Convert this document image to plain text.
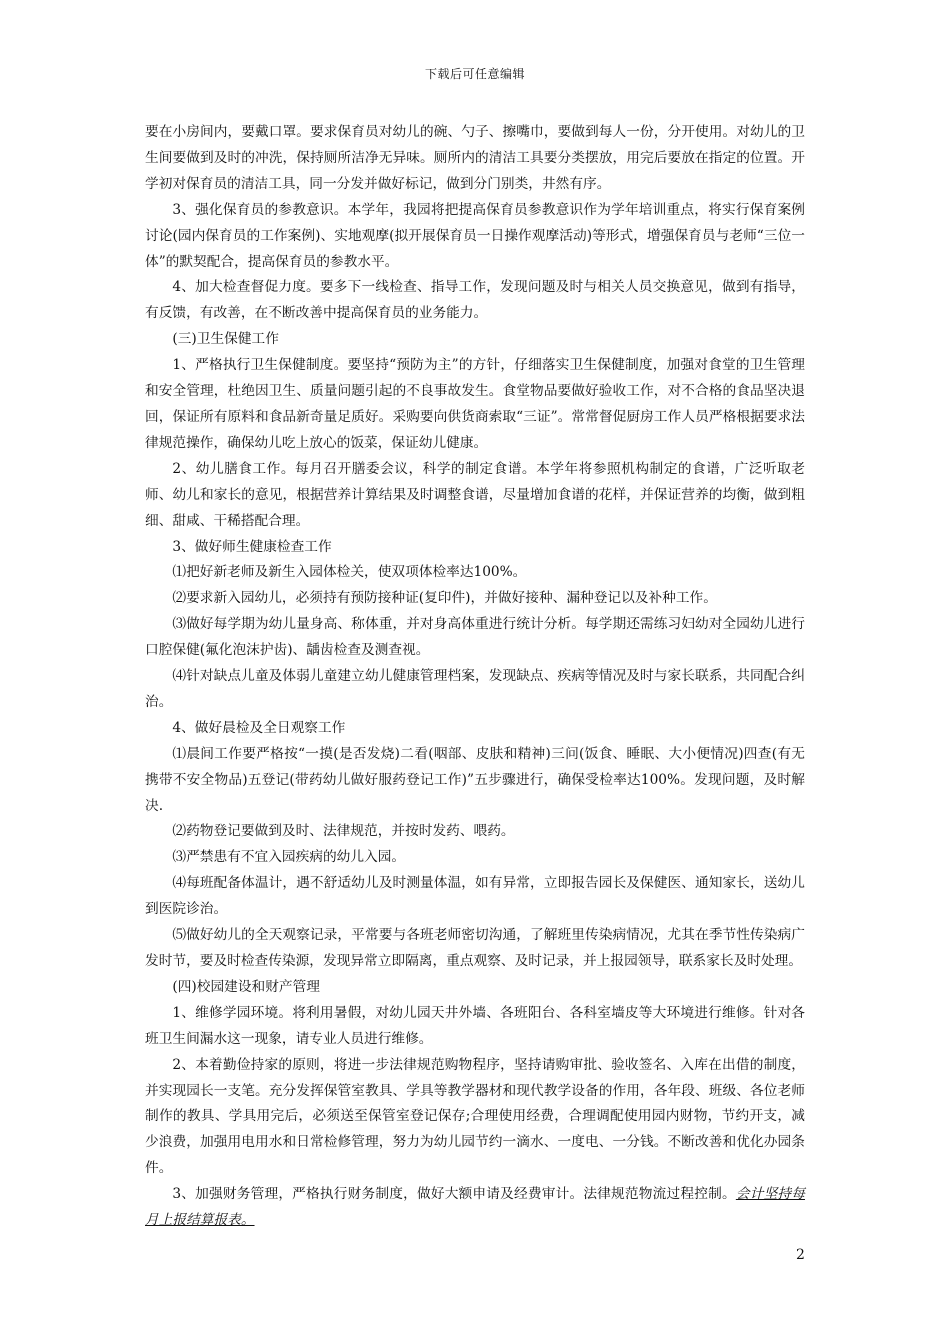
下载后可任意编辑

要在小房间内，要戴口罩。要求保育员对幼儿的碗、勺子、擦嘴巾，要做到每人一份，分开使用。对幼儿的卫生间要做到及时的冲洗，保持厕所洁净无异味。厕所内的清洁工具要分类摆放，用完后要放在指定的位置。开学初对保育员的清洁工具，同一分发并做好标记，做到分门别类，井然有序。

3、强化保育员的参教意识。本学年，我园将把提高保育员参教意识作为学年培训重点，将实行保育案例讨论(园内保育员的工作案例)、实地观摩(拟开展保育员一日操作观摩活动)等形式，增强保育员与老师“三位一体”的默契配合，提高保育员的参教水平。

4、加大检查督促力度。要多下一线检查、指导工作，发现问题及时与相关人员交换意见，做到有指导，有反馈，有改善，在不断改善中提高保育员的业务能力。

(三)卫生保健工作

1、严格执行卫生保健制度。要坚持“预防为主”的方针，仔细落实卫生保健制度，加强对食堂的卫生管理和安全管理，杜绝因卫生、质量问题引起的不良事故发生。食堂物品要做好验收工作，对不合格的食品坚决退回，保证所有原料和食品新奇量足质好。采购要向供货商索取“三证”。常常督促厨房工作人员严格根据要求法律规范操作，确保幼儿吃上放心的饭菜，保证幼儿健康。

2、幼儿膳食工作。每月召开膳委会议，科学的制定食谱。本学年将参照机构制定的食谱，广泛听取老师、幼儿和家长的意见，根据营养计算结果及时调整食谱，尽量增加食谱的花样，并保证营养的均衡，做到粗细、甜咸、干稀搭配合理。

3、做好师生健康检查工作

⑴把好新老师及新生入园体检关，使双项体检率达100%。

⑵要求新入园幼儿，必须持有预防接种证(复印件)，并做好接种、漏种登记以及补种工作。

⑶做好每学期为幼儿量身高、称体重，并对身高体重进行统计分析。每学期还需练习妇幼对全园幼儿进行口腔保健(氟化泡沫护齿)、龋齿检查及测查视。

⑷针对缺点儿童及体弱儿童建立幼儿健康管理档案，发现缺点、疾病等情况及时与家长联系，共同配合纠治。

4、做好晨检及全日观察工作

⑴晨间工作要严格按“一摸(是否发烧)二看(咽部、皮肤和精神)三问(饭食、睡眠、大小便情况)四查(有无携带不安全物品)五登记(带药幼儿做好服药登记工作)”五步骤进行，确保受检率达100%。发现问题，及时解决.

⑵药物登记要做到及时、法律规范，并按时发药、喂药。

⑶严禁患有不宜入园疾病的幼儿入园。

⑷每班配备体温计，遇不舒适幼儿及时测量体温，如有异常，立即报告园长及保健医、通知家长，送幼儿到医院诊治。

⑸做好幼儿的全天观察记录，平常要与各班老师密切沟通，了解班里传染病情况，尤其在季节性传染病广发时节，要及时检查传染源，发现异常立即隔离，重点观察、及时记录，并上报园领导，联系家长及时处理。

(四)校园建设和财产管理

1、维修学园环境。将利用暑假，对幼儿园天井外墙、各班阳台、各科室墙皮等大环境进行维修。针对各班卫生间漏水这一现象，请专业人员进行维修。

2、本着勤俭持家的原则，将进一步法律规范购物程序，坚持请购审批、验收签名、入库在出借的制度，并实现园长一支笔。充分发挥保管室教具、学具等教学器材和现代教学设备的作用，各年段、班级、各位老师制作的教具、学具用完后，必须送至保管室登记保存;合理使用经费，合理调配使用园内财物，节约开支，减少浪费，加强用电用水和日常检修管理，努力为幼儿园节约一滴水、一度电、一分钱。不断改善和优化办园条件。

3、加强财务管理，严格执行财务制度，做好大额申请及经费审计。法律规范物流过程控制。会计坚持每月上报结算报表。

2
